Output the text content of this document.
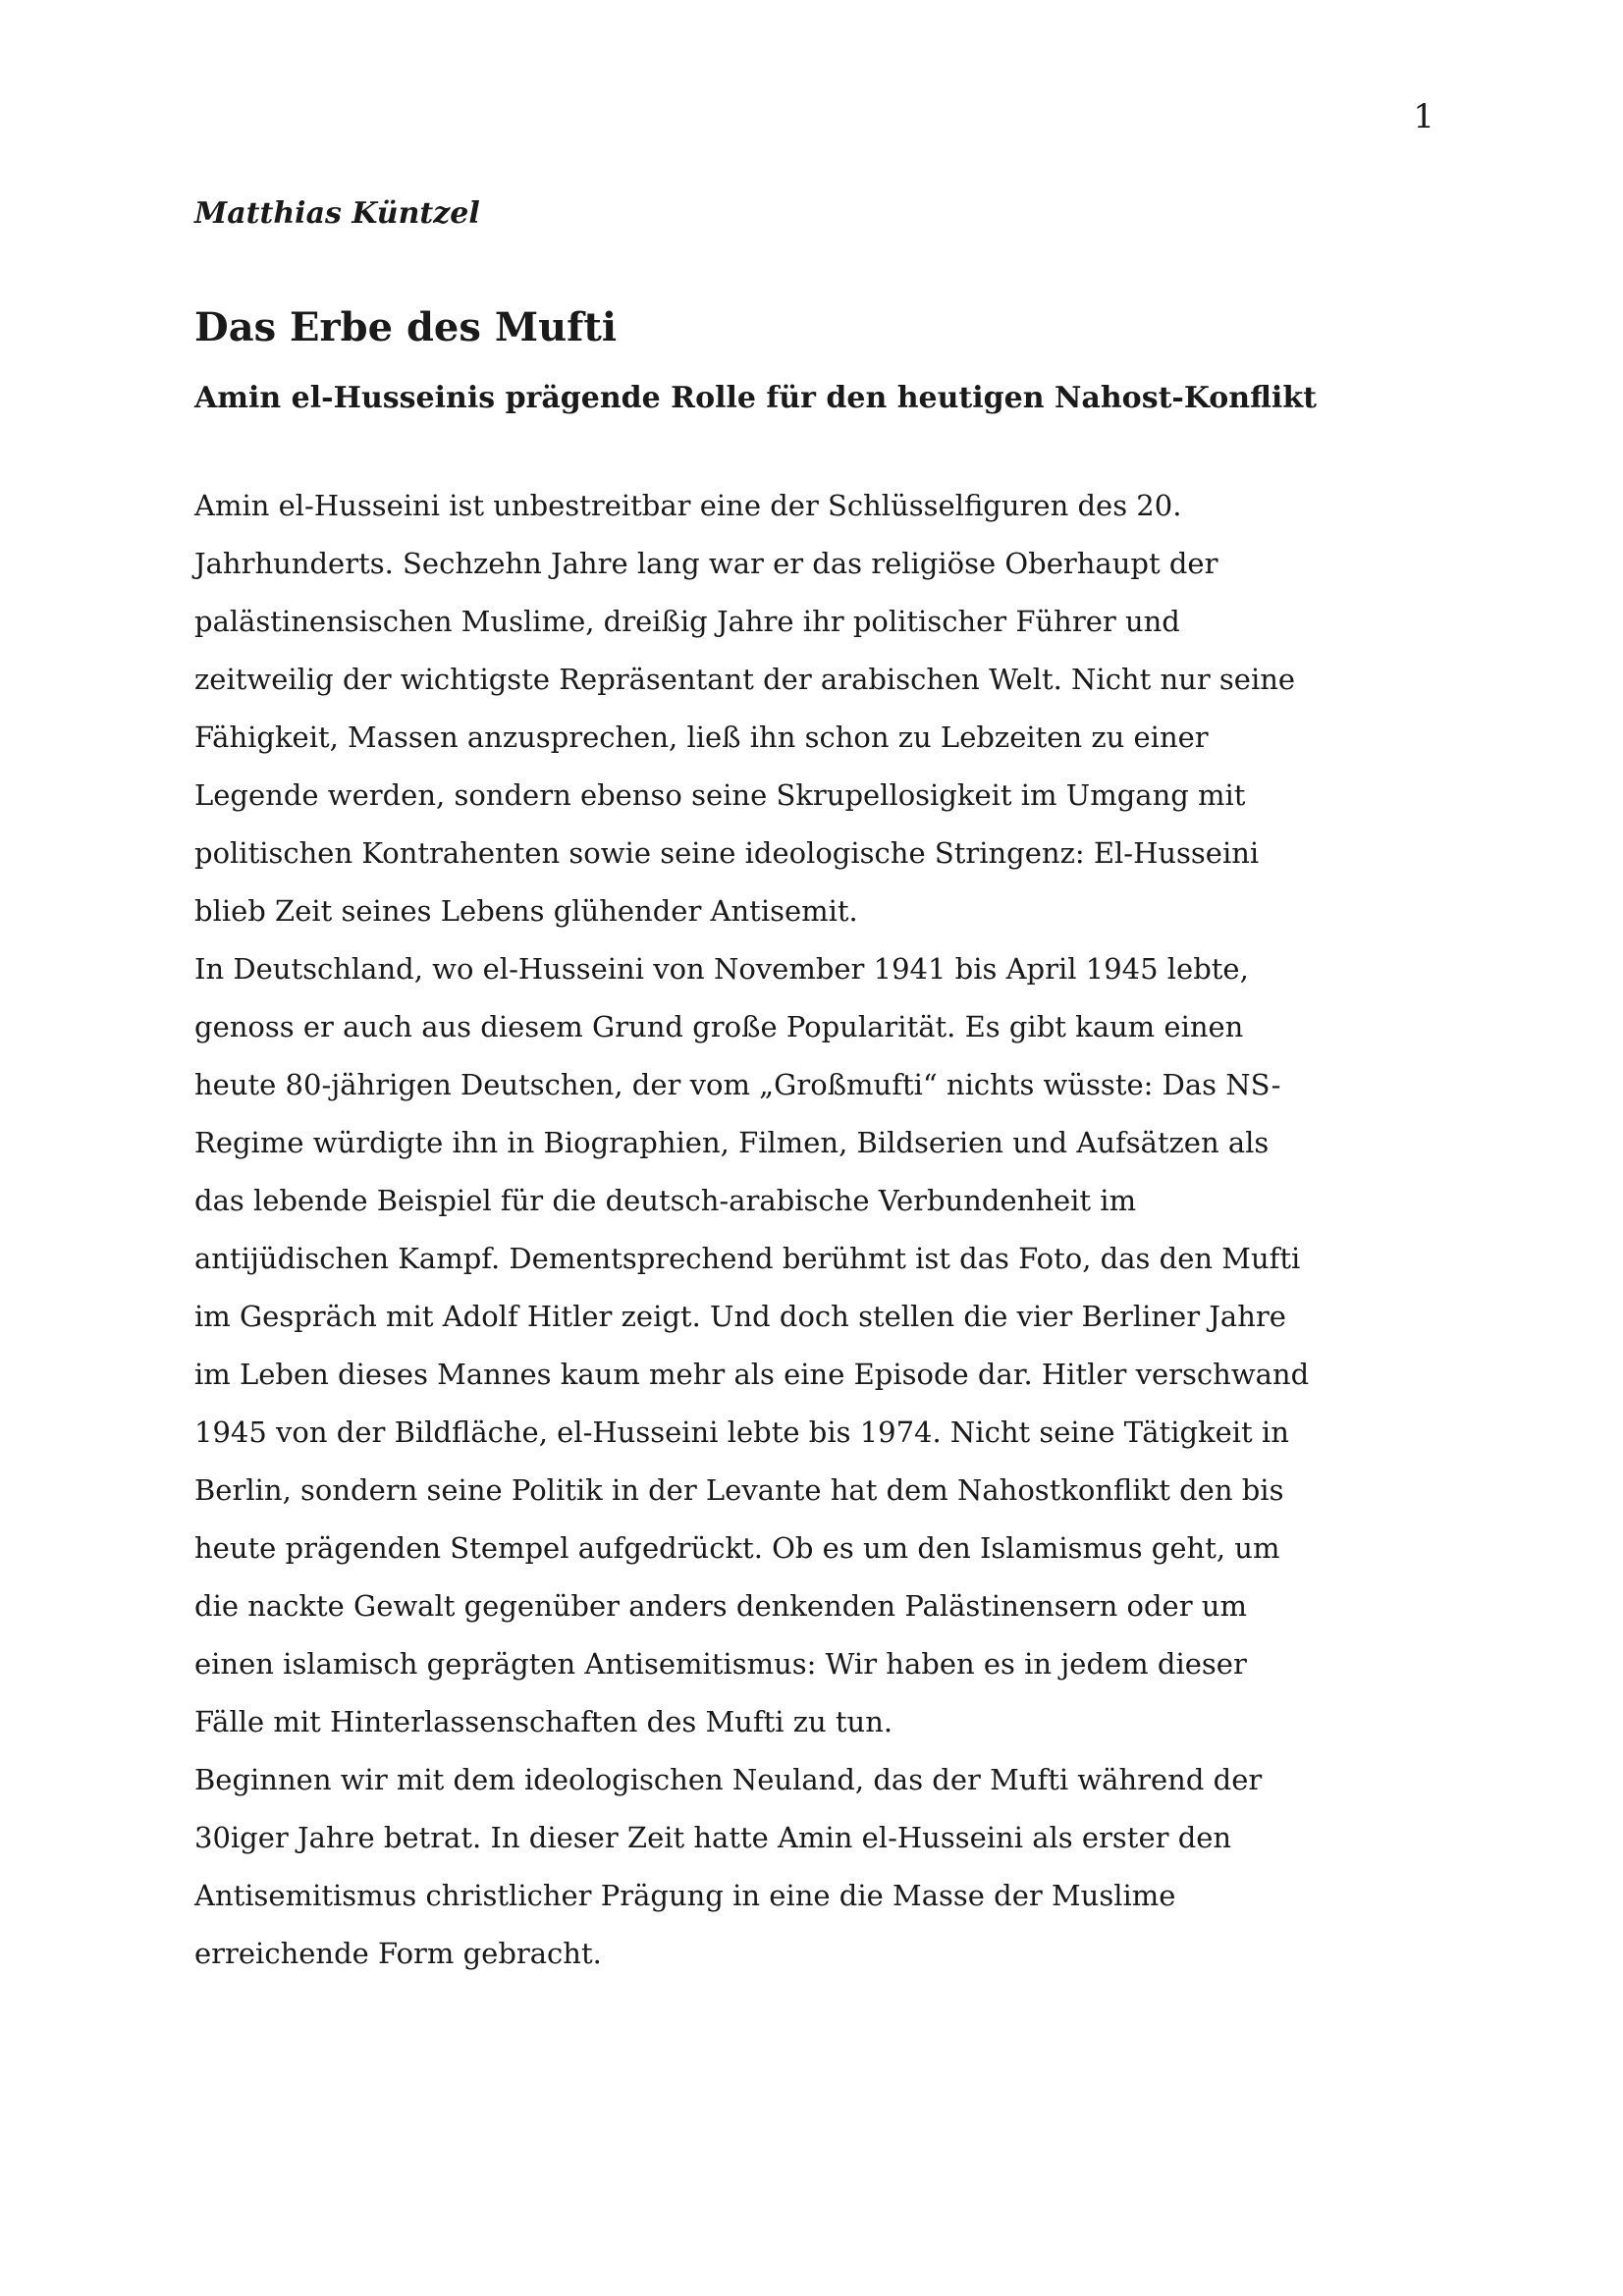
1

Matthias Küntzel

Das Erbe des Mufti
Amin el-Husseinis prägende Rolle für den heutigen Nahost-Konflikt

Amin el-Husseini ist unbestreitbar eine der Schlüsselfiguren des 20.
Jahrhunderts. Sechzehn Jahre lang war er das religiöse Oberhaupt der
palästinensischen Muslime, dreißig Jahre ihr politischer Führer und
zeitweilig der wichtigste Repräsentant der arabischen Welt. Nicht nur seine
Fähigkeit, Massen anzusprechen, ließ ihn schon zu Lebzeiten zu einer
Legende werden, sondern ebenso seine Skrupellosigkeit im Umgang mit
politischen Kontrahenten sowie seine ideologische Stringenz: El-Husseini
blieb Zeit seines Lebens glühender Antisemit.

In Deutschland, wo el-Husseini von November 1941 bis April 1945 lebte,
genoss er auch aus diesem Grund große Popularität. Es gibt kaum einen
heute 80-jährigen Deutschen, der vom „Großmufti“ nichts wüsste: Das NS-
Regime würdigte ihn in Biographien, Filmen, Bildserien und Aufsätzen als
das lebende Beispiel für die deutsch-arabische Verbundenheit im
antijüdischen Kampf. Dementsprechend berühmt ist das Foto, das den Mufti
im Gespräch mit Adolf Hitler zeigt. Und doch stellen die vier Berliner Jahre
im Leben dieses Mannes kaum mehr als eine Episode dar. Hitler verschwand
1945 von der Bildfläche, el-Husseini lebte bis 1974. Nicht seine Tätigkeit in
Berlin, sondern seine Politik in der Levante hat dem Nahostkonflikt den bis
heute prägenden Stempel aufgedrückt. Ob es um den Islamismus geht, um
die nackte Gewalt gegenüber anders denkenden Palästinensern oder um
einen islamisch geprägten Antisemitismus: Wir haben es in jedem dieser
Fälle mit Hinterlassenschaften des Mufti zu tun.

Beginnen wir mit dem ideologischen Neuland, das der Mufti während der
30iger Jahre betrat. In dieser Zeit hatte Amin el-Husseini als erster den
Antisemitismus christlicher Prägung in eine die Masse der Muslime
erreichende Form gebracht.
